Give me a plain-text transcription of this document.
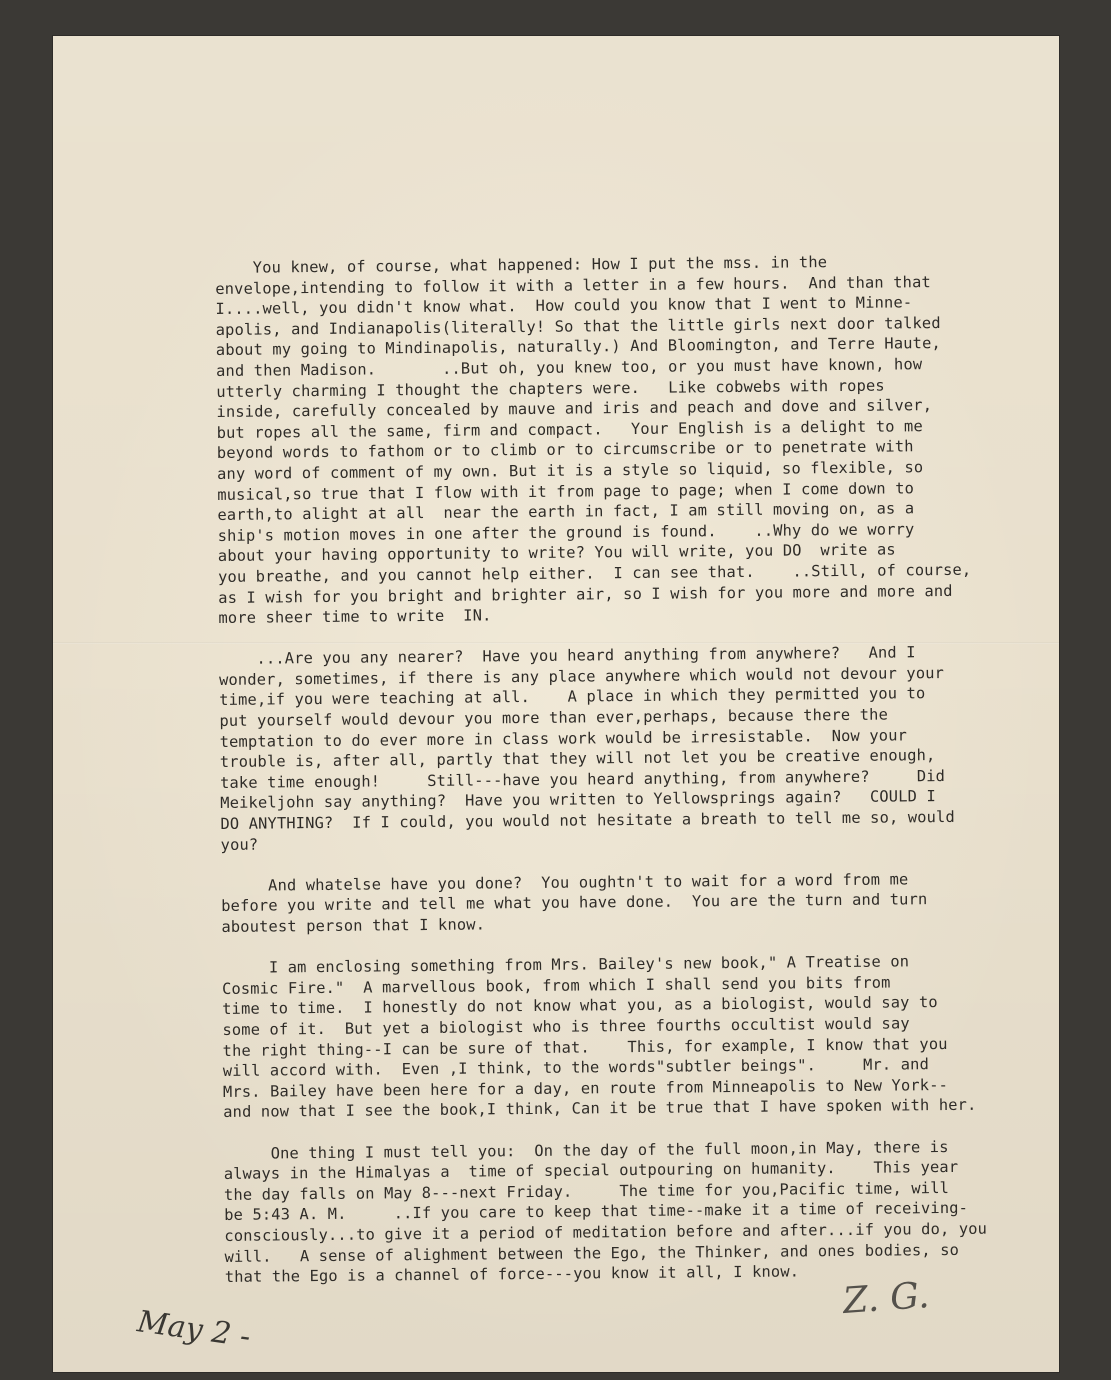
You knew, of course, what happened: How I put the mss. in the
envelope,intending to follow it with a letter in a few hours.  And than that
I....well, you didn't know what.  How could you know that I went to Minne-
apolis, and Indianapolis(literally! So that the little girls next door talked
about my going to Mindinapolis, naturally.) And Bloomington, and Terre Haute,
and then Madison.       ..But oh, you knew too, or you must have known, how
utterly charming I thought the chapters were.   Like cobwebs with ropes
inside, carefully concealed by mauve and iris and peach and dove and silver,
but ropes all the same, firm and compact.   Your English is a delight to me
beyond words to fathom or to climb or to circumscribe or to penetrate with
any word of comment of my own. But it is a style so liquid, so flexible, so
musical,so true that I flow with it from page to page; when I come down to
earth,to alight at all  near the earth in fact, I am still moving on, as a
ship's motion moves in one after the ground is found.    ..Why do we worry
about your having opportunity to write? You will write, you DO  write as
you breathe, and you cannot help either.  I can see that.    ..Still, of course,
as I wish for you bright and brighter air, so I wish for you more and more and
more sheer time to write  IN.
...Are you any nearer?  Have you heard anything from anywhere?   And I
wonder, sometimes, if there is any place anywhere which would not devour your
time,if you were teaching at all.    A place in which they permitted you to
put yourself would devour you more than ever,perhaps, because there the
temptation to do ever more in class work would be irresistable.  Now your
trouble is, after all, partly that they will not let you be creative enough,
take time enough!     Still---have you heard anything, from anywhere?     Did
Meikeljohn say anything?  Have you written to Yellowsprings again?   COULD I
DO ANYTHING?  If I could, you would not hesitate a breath to tell me so, would
you?
And whatelse have you done?  You oughtn't to wait for a word from me
before you write and tell me what you have done.  You are the turn and turn
aboutest person that I know.
I am enclosing something from Mrs. Bailey's new book," A Treatise on
Cosmic Fire."  A marvellous book, from which I shall send you bits from
time to time.  I honestly do not know what you, as a biologist, would say to
some of it.  But yet a biologist who is three fourths occultist would say
the right thing--I can be sure of that.    This, for example, I know that you
will accord with.  Even ,I think, to the words"subtler beings".     Mr. and
Mrs. Bailey have been here for a day, en route from Minneapolis to New York--
and now that I see the book,I think, Can it be true that I have spoken with her.
One thing I must tell you:  On the day of the full moon,in May, there is
always in the Himalyas a  time of special outpouring on humanity.    This year
the day falls on May 8---next Friday.     The time for you,Pacific time, will
be 5:43 A. M.     ..If you care to keep that time--make it a time of receiving-
consciously...to give it a period of meditation before and after...if you do, you
will.   A sense of alighment between the Ego, the Thinker, and ones bodies, so
that the Ego is a channel of force---you know it all, I know.
May 2 -
Z. G.
